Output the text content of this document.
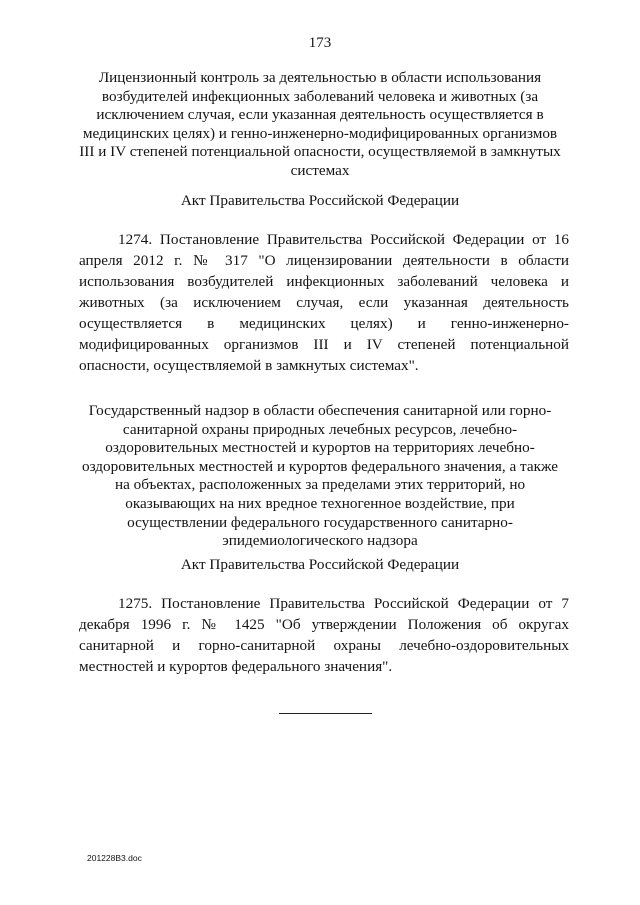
173
Лицензионный контроль за деятельностью в области использования возбудителей инфекционных заболеваний человека и животных (за исключением случая, если указанная деятельность осуществляется в медицинских целях) и генно-инженерно-модифицированных организмов III и IV степеней потенциальной опасности, осуществляемой в замкнутых системах
Акт Правительства Российской Федерации
1274. Постановление Правительства Российской Федерации от 16 апреля 2012 г. № 317 "О лицензировании деятельности в области использования возбудителей инфекционных заболеваний человека и животных (за исключением случая, если указанная деятельность осуществляется в медицинских целях) и генно-инженерно-модифицированных организмов III и IV степеней потенциальной опасности, осуществляемой в замкнутых системах".
Государственный надзор в области обеспечения санитарной или горно-санитарной охраны природных лечебных ресурсов, лечебно-оздоровительных местностей и курортов на территориях лечебно-оздоровительных местностей и курортов федерального значения, а также на объектах, расположенных за пределами этих территорий, но оказывающих на них вредное техногенное воздействие, при осуществлении федерального государственного санитарно-эпидемиологического надзора
Акт Правительства Российской Федерации
1275. Постановление Правительства Российской Федерации от 7 декабря 1996 г. № 1425 "Об утверждении Положения об округах санитарной и горно-санитарной охраны лечебно-оздоровительных местностей и курортов федерального значения".
201228В3.doc
